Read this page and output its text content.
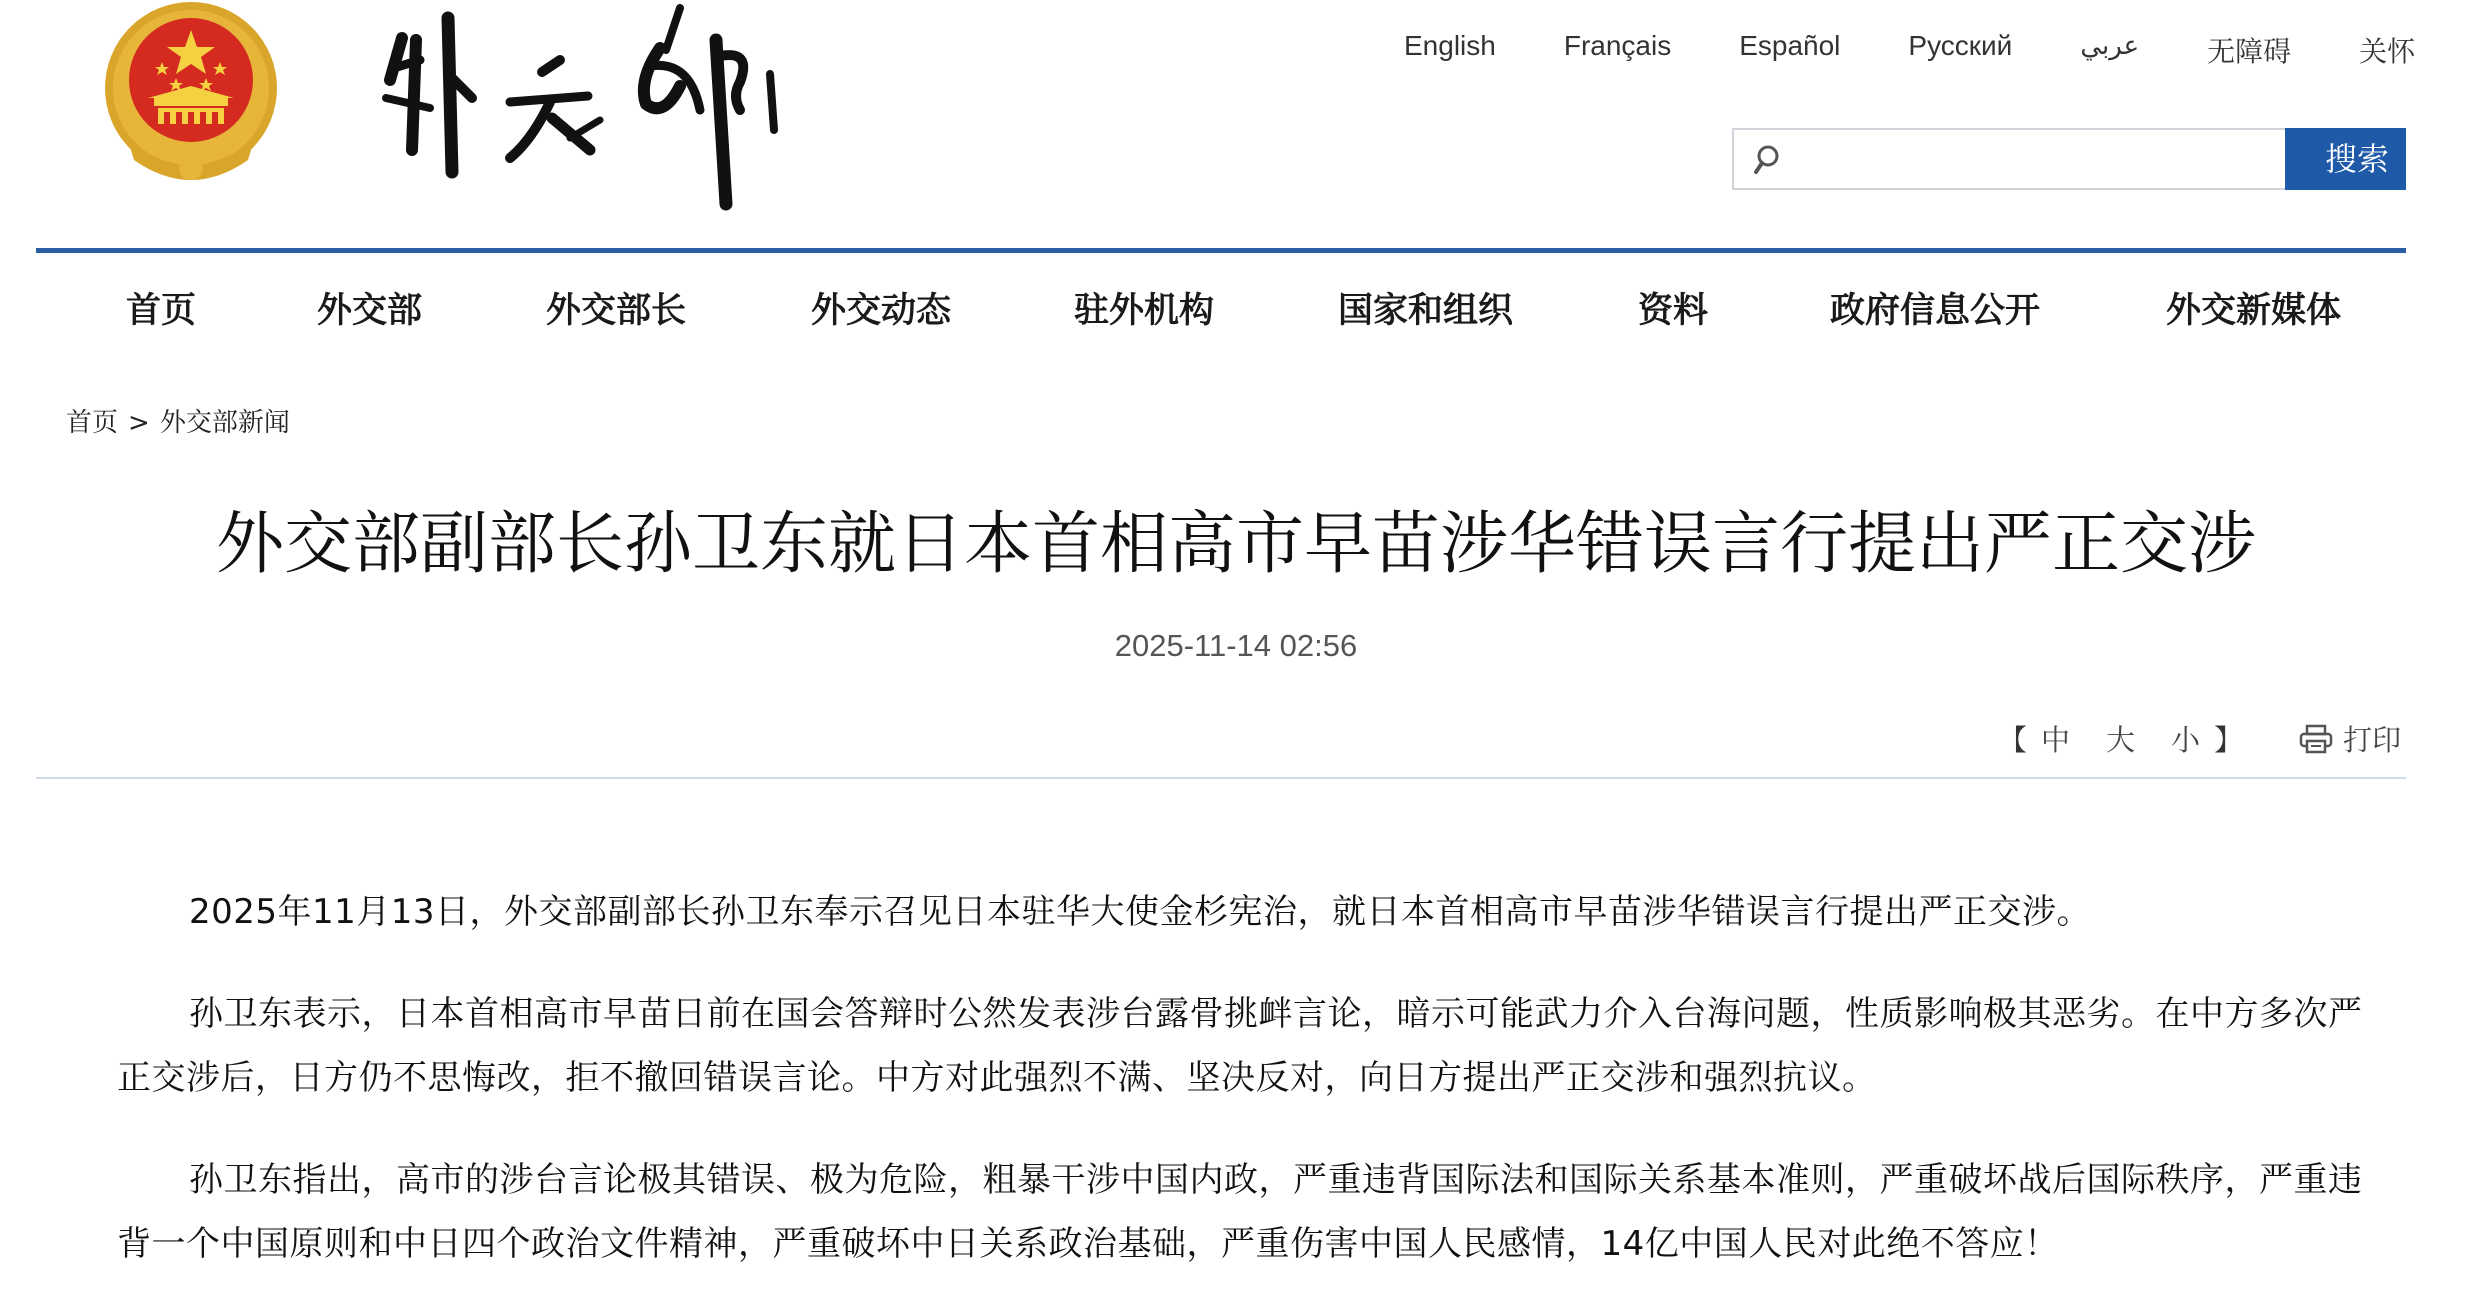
English Français Español Русский	عربي 无障碍 关怀
搜索
首页	外交部	外交部长	外交动态	驻外机构	国家和组织	资料	政府信息公开	外交新媒体
首页 > 外交部新闻
外交部副部长孙卫东就日本首相高市早苗涉华错误言行提出严正交涉
2025-11-14 02:56
【 中 大 小 】	打印

2025年11月13日，外交部副部长孙卫东奉示召见日本驻华大使金杉宪治，就日本首相高市早苗涉华错误言行提出严正交涉。

孙卫东表示，日本首相高市早苗日前在国会答辩时公然发表涉台露骨挑衅言论，暗示可能武力介入台海问题，性质影响极其恶劣。在中方多次严正交涉后，日方仍不思悔改，拒不撤回错误言论。中方对此强烈不满、坚决反对，向日方提出严正交涉和强烈抗议。

孙卫东指出，高市的涉台言论极其错误、极为危险，粗暴干涉中国内政，严重违背国际法和国际关系基本准则，严重破坏战后国际秩序，严重违背一个中国原则和中日四个政治文件精神，严重破坏中日关系政治基础，严重伤害中国人民感情，14亿中国人民对此绝不答应！
